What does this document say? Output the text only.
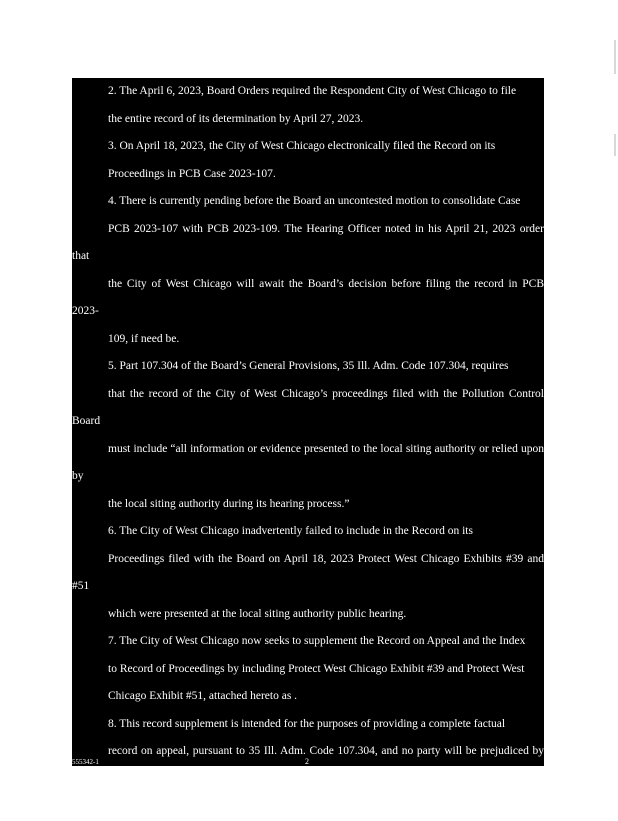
2. The April 6, 2023, Board Orders required the Respondent City of West Chicago to file
the entire record of its determination by April 27, 2023.

3. On April 18, 2023, the City of West Chicago electronically filed the Record on its
Proceedings in PCB Case 2023-107.

4. There is currently pending before the Board an uncontested motion to consolidate Case
PCB 2023-107 with PCB 2023-109. The Hearing Officer noted in his April 21, 2023 order that
the City of West Chicago will await the Board’s decision before filing the record in PCB 2023-
109, if need be.

5. Part 107.304 of the Board’s General Provisions, 35 Ill. Adm. Code 107.304, requires
that the record of the City of West Chicago’s proceedings filed with the Pollution Control Board
must include “all information or evidence presented to the local siting authority or relied upon by
the local siting authority during its hearing process.”

6. The City of West Chicago inadvertently failed to include in the Record on its
Proceedings filed with the Board on April 18, 2023 Protect West Chicago Exhibits #39 and #51
which were presented at the local siting authority public hearing.

7. The City of West Chicago now seeks to supplement the Record on Appeal and the Index
to Record of Proceedings by including Protect West Chicago Exhibit #39 and Protect West
Chicago Exhibit #51, attached hereto as .

8. This record supplement is intended for the purposes of providing a complete factual
record on appeal, pursuant to 35 Ill. Adm. Code 107.304, and no party will be prejudiced by the
granting of this motion.

555342-1	2
